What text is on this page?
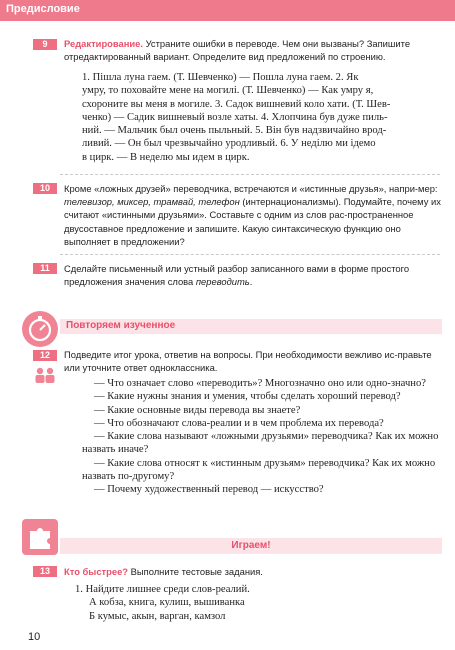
Предисловие
9	Редактирование. Устраните ошибки в переводе. Чем они вызваны? Запишите отредактированный вариант. Определите вид предложений по строению.
1. Пішла луна гаем. (Т. Шевченко) — Пошла луна гаем. 2. Як
умру, то поховайте мене на могилі. (Т. Шевченко) — Как умру я,
схороните вы меня в могиле. 3. Садок вишневий коло хати. (Т. Шев-
ченко) — Садик вишневый возле хаты. 4. Хлопчина був дуже пиль-
ний. — Мальчик был очень пыльный. 5. Він був надзвичайно врод-
ливий. — Он был чрезвычайно уродливый. 6. У неділю ми ідемо
в цирк. — В неделю мы идем в цирк.
10	Кроме «ложных друзей» переводчика, встречаются и «истинные друзья», напри-мер: телевизор, миксер, трамвай, телефон (интернационализмы). Подумайте, почему их считают «истинными друзьями». Составьте с одним из слов рас-пространенное двусоставное предложение и запишите. Какую синтаксическую функцию оно выполняет в предложении?
11	Сделайте письменный или устный разбор записанного вами в форме простого предложения значения слова переводить.
Повторяем изученное
12	Подведите итог урока, ответив на вопросы. При необходимости вежливо ис-правьте или уточните ответ одноклассника.

— Что означает слово «переводить»? Многозначно оно или одно-значно?

— Какие нужны знания и умения, чтобы сделать хороший перевод?

— Какие основные виды перевода вы знаете?

— Что обозначают слова-реалии и в чем проблема их перевода?

— Какие слова называют «ложными друзьями» переводчика? Как их можно назвать иначе?

— Какие слова относят к «истинным друзьям» переводчика? Как их можно назвать по-другому?

— Почему художественный перевод — искусство?

Играем!
13	Кто быстрее? Выполните тестовые задания.
1. Найдите лишнее среди слов-реалий.
А кобза, книга, кулиш, вышиванка
Б кумыс, акын, варган, камзол
10
